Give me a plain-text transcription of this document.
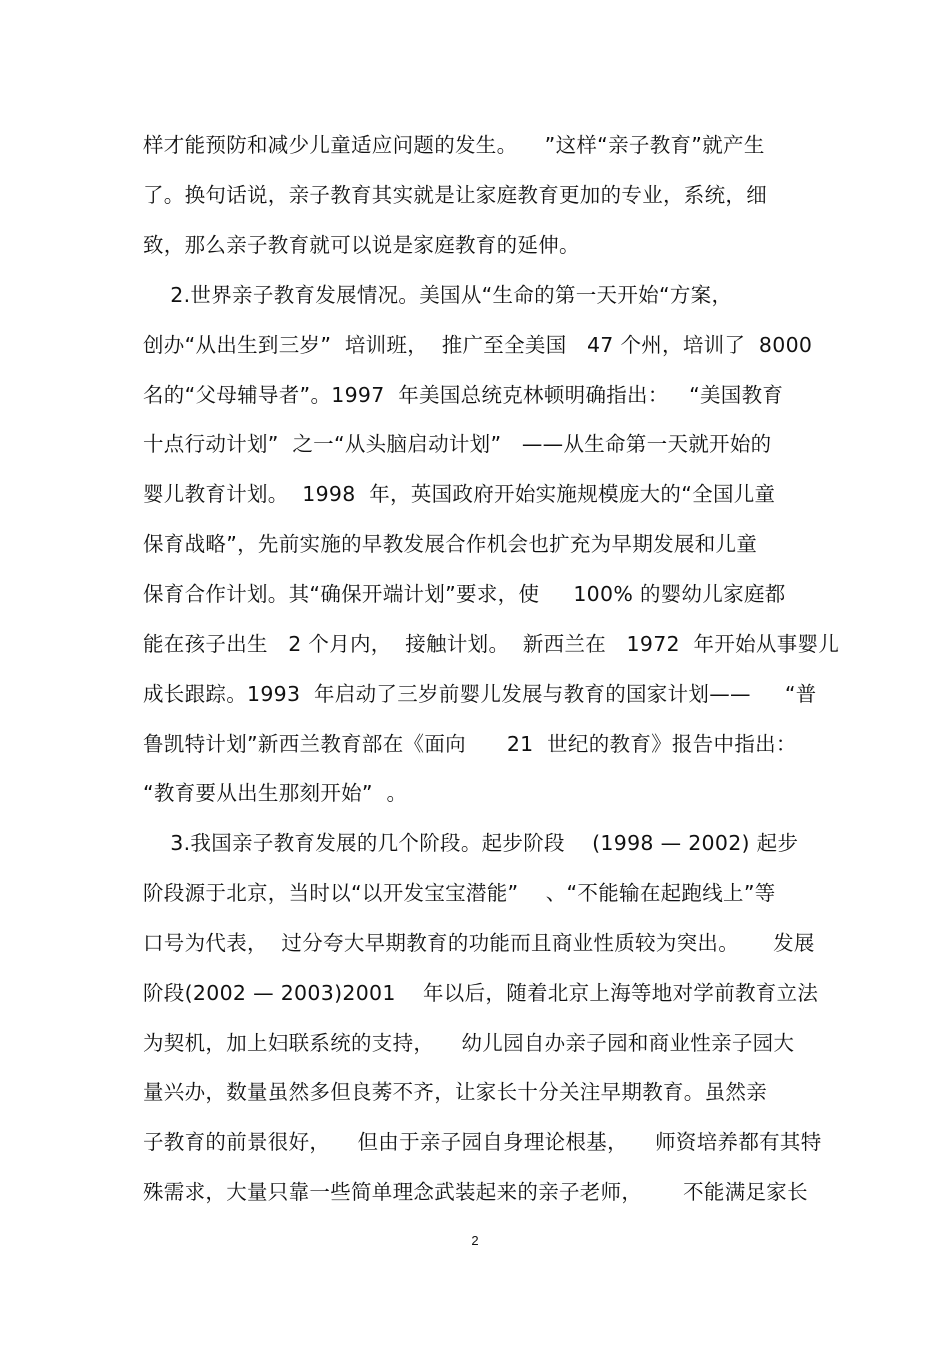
样才能预防和减少儿童适应问题的发生。    ”这样“亲子教育”就产生
了。换句话说，亲子教育其实就是让家庭教育更加的专业，系统，细
致，那么亲子教育就可以说是家庭教育的延伸。
2.世界亲子教育发展情况。美国从“生命的第一天开始“方案，
创办“从出生到三岁”  培训班，  推广至全美国   47 个州，培训了  8000
名的“父母辅导者”。1997  年美国总统克林顿明确指出：   “美国教育
十点行动计划”  之一“从头脑启动计划”   ——从生命第一天就开始的
婴儿教育计划。  1998  年，英国政府开始实施规模庞大的“全国儿童
保育战略”，先前实施的早教发展合作机会也扩充为早期发展和儿童
保育合作计划。其“确保开端计划”要求，使     100% 的婴幼儿家庭都
能在孩子出生   2 个月内，  接触计划。  新西兰在   1972  年开始从事婴儿
成长跟踪。1993  年启动了三岁前婴儿发展与教育的国家计划——     “普
鲁凯特计划”新西兰教育部在《面向      21  世纪的教育》报告中指出：
“教育要从出生那刻开始”  。
3.我国亲子教育发展的几个阶段。起步阶段    (1998 — 2002) 起步
阶段源于北京，当时以“以开发宝宝潜能”    、“不能输在起跑线上”等
口号为代表，  过分夸大早期教育的功能而且商业性质较为突出。     发展
阶段(2002 — 2003)2001    年以后，随着北京上海等地对学前教育立法
为契机，加上妇联系统的支持，    幼儿园自办亲子园和商业性亲子园大
量兴办，数量虽然多但良莠不齐，让家长十分关注早期教育。虽然亲
子教育的前景很好，    但由于亲子园自身理论根基，    师资培养都有其特
殊需求，大量只靠一些简单理念武装起来的亲子老师，      不能满足家长
2
